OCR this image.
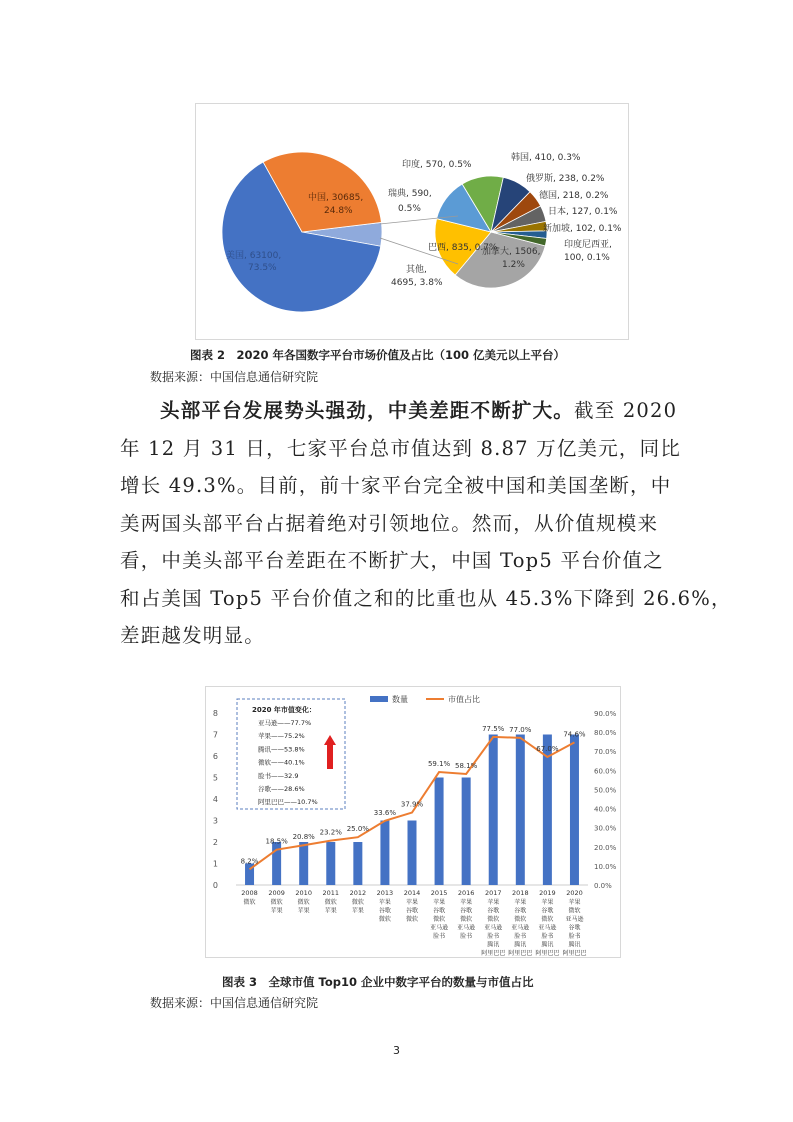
美国, 63100,
73.5%
中国, 30685,
24.8%
其他,
4695, 3.8%
印度, 570, 0.5%
韩国, 410, 0.3%
俄罗斯, 238, 0.2%
德国, 218, 0.2%
日本, 127, 0.1%
新加坡, 102, 0.1%
印度尼西亚,
100, 0.1%
瑞典, 590,
0.5%
巴西, 835, 0.7%
加拿大, 1506,
1.2%
图表 2　2020 年各国数字平台市场价值及占比（100 亿美元以上平台）
数据来源：中国信息通信研究院
头部平台发展势头强劲，中美差距不断扩大。截至 2020
年 12 月 31 日，七家平台总市值达到 8.87 万亿美元，同比
增长 49.3%。目前，前十家平台完全被中国和美国垄断，中
美两国头部平台占据着绝对引领地位。然而，从价值规模来
看，中美头部平台差距在不断扩大，中国 Top5 平台价值之
和占美国 Top5 平台价值之和的比重也从 45.3%下降到 26.6%，
差距越发明显。
0
1
2
3
4
5
6
7
8
0.0%
10.0%
20.0%
30.0%
40.0%
50.0%
60.0%
70.0%
80.0%
90.0%
8.2%
18.5%
20.8%
23.2% 25.0%
33.6%
37.9%
59.1% 58.1%
77.5% 77.0%
67.0%
74.6%
2008
微软
2009
微软
苹果
2010
微软
苹果
2011
微软
苹果
2012
微软
苹果
2013
苹果
谷歌
微软
2014
苹果
谷歌
微软
2015
苹果
谷歌
微软
亚马逊
脸书
2016
苹果
谷歌
微软
亚马逊
脸书
2017
苹果
谷歌
微软
亚马逊
脸书
腾讯
阿里巴巴
2018
苹果
谷歌
微软
亚马逊
脸书
腾讯
阿里巴巴
2019
苹果
谷歌
微软
亚马逊
脸书
腾讯
阿里巴巴
2020
苹果
微软
亚马逊
谷歌
脸书
腾讯
阿里巴巴
数量	市值占比
2020 年市值变化：
亚马逊——77.7%
苹果——75.2%
腾讯——53.8%
微软——40.1%
脸书——32.9
谷歌——28.6%
阿里巴巴——10.7%
图表 3　全球市值 Top10 企业中数字平台的数量与市值占比
数据来源：中国信息通信研究院
3
